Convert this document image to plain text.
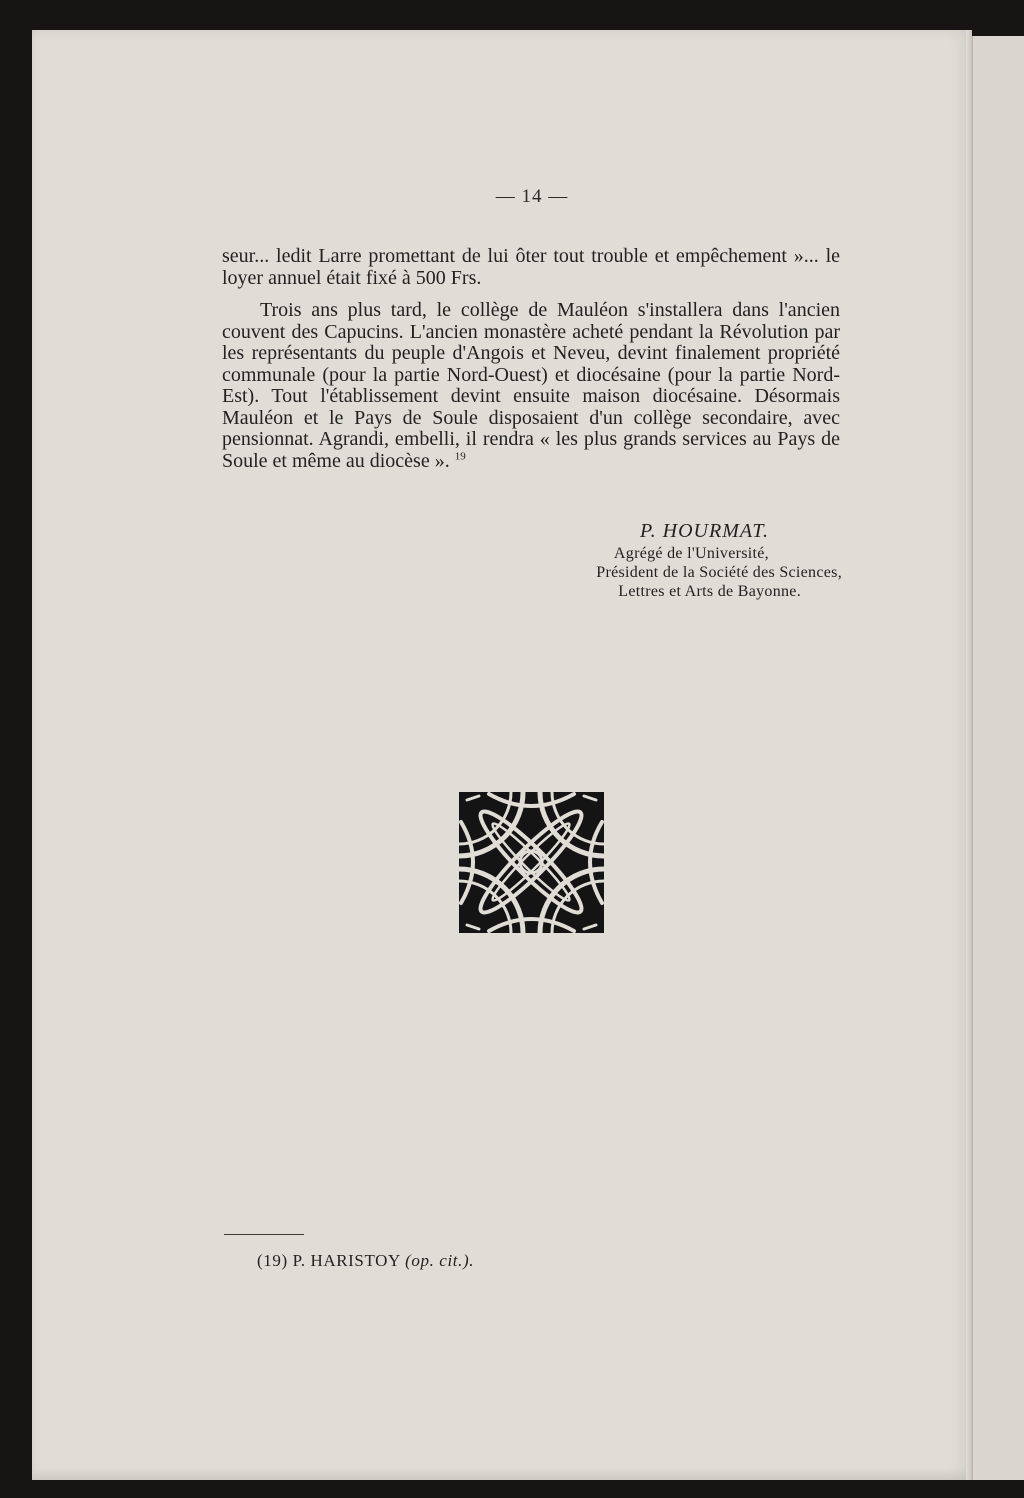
— 14 —

seur... ledit Larre promettant de lui ôter tout trouble et empêchement »... le loyer annuel était fixé à 500 Frs.

Trois ans plus tard, le collège de Mauléon s'installera dans l'ancien couvent des Capucins. L'ancien monastère acheté pendant la Révolution par les représentants du peuple d'Angois et Neveu, devint finalement propriété communale (pour la partie Nord-Ouest) et diocésaine (pour la partie Nord-Est). Tout l'établissement devint ensuite maison diocésaine. Désormais Mauléon et le Pays de Soule disposaient d'un collège secondaire, avec pensionnat. Agrandi, embelli, il rendra « les plus grands services au Pays de Soule et même au diocèse ». $^{19}$

P. HOURMAT.
Agrégé de l'Université,
Président de la Société des Sciences,
Lettres et Arts de Bayonne.
(19) P. HARISTOY (op. cit.).
